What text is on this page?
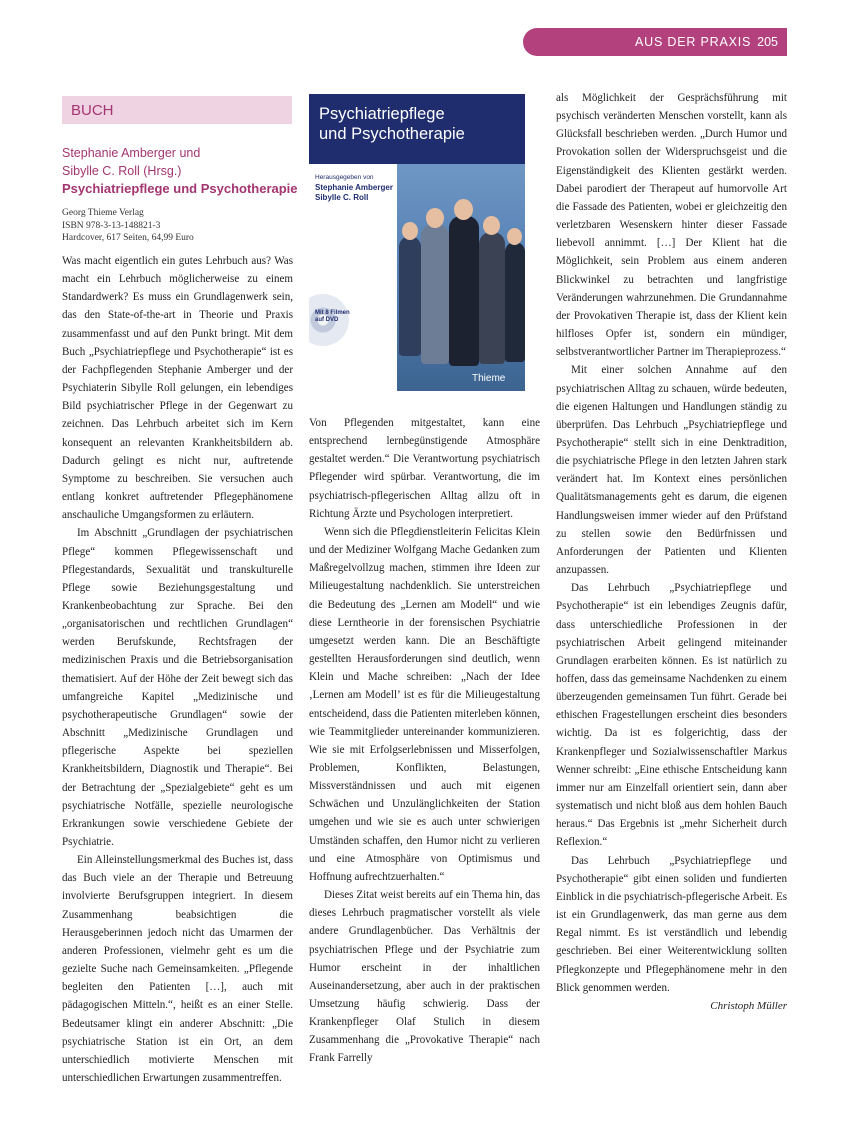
AUS DER PRAXIS 205
BUCH
Stephanie Amberger und
Sibylle C. Roll (Hrsg.)
Psychiatriepflege und Psychotherapie
Georg Thieme Verlag
ISBN 978-3-13-148821-3
Hardcover, 617 Seiten, 64,99 Euro
Psychiatriepflege
und Psychotherapie
Herausgegeben von
Stephanie Amberger
Sibylle C. Roll
Mit 8 Filmen
auf DVD
Thieme

Was macht eigentlich ein gutes Lehrbuch aus? Was macht ein Lehrbuch möglicherweise zu einem Standardwerk? Es muss ein Grundlagenwerk sein, das den State-of-the-art in Theorie und Praxis zusammenfasst und auf den Punkt bringt. Mit dem Buch „Psychiatriepflege und Psychotherapie“ ist es der Fachpflegenden Stephanie Amberger und der Psychiaterin Sibylle Roll gelungen, ein lebendiges Bild psychiatrischer Pflege in der Gegenwart zu zeichnen. Das Lehrbuch arbeitet sich im Kern konsequent an relevanten Krankheitsbildern ab. Dadurch gelingt es nicht nur, auftretende Symptome zu beschreiben. Sie versuchen auch entlang konkret auftretender Pflegephänomene anschauliche Umgangsformen zu erläutern.

Im Abschnitt „Grundlagen der psychiatrischen Pflege“ kommen Pflegewissenschaft und Pflegestandards, Sexualität und transkulturelle Pflege sowie Beziehungsgestaltung und Krankenbeobachtung zur Sprache. Bei den „organisatorischen und rechtlichen Grundlagen“ werden Berufskunde, Rechtsfragen der medizinischen Praxis und die Betriebsorganisation thematisiert. Auf der Höhe der Zeit bewegt sich das umfangreiche Kapitel „Medizinische und psychotherapeutische Grundlagen“ sowie der Abschnitt „Medizinische Grundlagen und pflegerische Aspekte bei speziellen Krankheitsbildern, Diagnostik und Therapie“. Bei der Betrachtung der „Spezialgebiete“ geht es um psychiatrische Notfälle, spezielle neurologische Erkrankungen sowie verschiedene Gebiete der Psychiatrie.

Ein Alleinstellungsmerkmal des Buches ist, dass das Buch viele an der Therapie und Betreuung involvierte Berufsgruppen integriert. In diesem Zusammenhang beabsichtigen die Herausgeberinnen jedoch nicht das Umarmen der anderen Professionen, vielmehr geht es um die gezielte Suche nach Gemeinsamkeiten. „Pflegende begleiten den Patienten […], auch mit pädagogischen Mitteln.“, heißt es an einer Stelle. Bedeutsamer klingt ein anderer Abschnitt: „Die psychiatrische Station ist ein Ort, an dem unterschiedlich motivierte Menschen mit unterschiedlichen Erwartungen zusammentreffen.

Von Pflegenden mitgestaltet, kann eine entsprechend lernbegünstigende Atmosphäre gestaltet werden.“ Die Verantwortung psychiatrisch Pflegender wird spürbar. Verantwortung, die im psychiatrisch-pflegerischen Alltag allzu oft in Richtung Ärzte und Psychologen interpretiert.

Wenn sich die Pflegdienstleiterin Felicitas Klein und der Mediziner Wolfgang Mache Gedanken zum Maßregelvollzug machen, stimmen ihre Ideen zur Milieugestaltung nachdenklich. Sie unterstreichen die Bedeutung des „Lernen am Modell“ und wie diese Lerntheorie in der forensischen Psychiatrie umgesetzt werden kann. Die an Beschäftigte gestellten Herausforderungen sind deutlich, wenn Klein und Mache schreiben: „Nach der Idee ‚Lernen am Modell’ ist es für die Milieugestaltung entscheidend, dass die Patienten miterleben können, wie Teammitglieder untereinander kommunizieren. Wie sie mit Erfolgserlebnissen und Misserfolgen, Problemen, Konflikten, Belastungen, Missverständnissen und auch mit eigenen Schwächen und Unzulänglichkeiten der Station umgehen und wie sie es auch unter schwierigen Umständen schaffen, den Humor nicht zu verlieren und eine Atmosphäre von Optimismus und Hoffnung aufrechtzuerhalten.“

Dieses Zitat weist bereits auf ein Thema hin, das dieses Lehrbuch pragmatischer vorstellt als viele andere Grundlagenbücher. Das Verhältnis der psychiatrischen Pflege und der Psychiatrie zum Humor erscheint in der inhaltlichen Auseinandersetzung, aber auch in der praktischen Umsetzung häufig schwierig. Dass der Krankenpfleger Olaf Stulich in diesem Zusammenhang die „Provokative Therapie“ nach Frank Farrelly

als Möglichkeit der Gesprächsführung mit psychisch veränderten Menschen vorstellt, kann als Glücksfall beschrieben werden. „Durch Humor und Provokation sollen der Widerspruchsgeist und die Eigenständigkeit des Klienten gestärkt werden. Dabei parodiert der Therapeut auf humorvolle Art die Fassade des Patienten, wobei er gleichzeitig den verletzbaren Wesenskern hinter dieser Fassade liebevoll annimmt. […] Der Klient hat die Möglichkeit, sein Problem aus einem anderen Blickwinkel zu betrachten und langfristige Veränderungen wahrzunehmen. Die Grundannahme der Provokativen Therapie ist, dass der Klient kein hilfloses Opfer ist, sondern ein mündiger, selbstverantwortlicher Partner im Therapieprozess.“

Mit einer solchen Annahme auf den psychiatrischen Alltag zu schauen, würde bedeuten, die eigenen Haltungen und Handlungen ständig zu überprüfen. Das Lehrbuch „Psychiatriepflege und Psychotherapie“ stellt sich in eine Denktradition, die psychiatrische Pflege in den letzten Jahren stark verändert hat. Im Kontext eines persönlichen Qualitätsmanagements geht es darum, die eigenen Handlungsweisen immer wieder auf den Prüfstand zu stellen sowie den Bedürfnissen und Anforderungen der Patienten und Klienten anzupassen.

Das Lehrbuch „Psychiatriepflege und Psychotherapie“ ist ein lebendiges Zeugnis dafür, dass unterschiedliche Professionen in der psychiatrischen Arbeit gelingend miteinander Grundlagen erarbeiten können. Es ist natürlich zu hoffen, dass das gemeinsame Nachdenken zu einem überzeugenden gemeinsamen Tun führt. Gerade bei ethischen Fragestellungen erscheint dies besonders wichtig. Da ist es folgerichtig, dass der Krankenpfleger und Sozialwissenschaftler Markus Wenner schreibt: „Eine ethische Entscheidung kann immer nur am Einzelfall orientiert sein, dann aber systematisch und nicht bloß aus dem hohlen Bauch heraus.“ Das Ergebnis ist „mehr Sicherheit durch Reflexion.“

Das Lehrbuch „Psychiatriepflege und Psychotherapie“ gibt einen soliden und fundierten Einblick in die psychiatrisch-pflegerische Arbeit. Es ist ein Grundlagenwerk, das man gerne aus dem Regal nimmt. Es ist verständlich und lebendig geschrieben. Bei einer Weiterentwicklung sollten Pflegkonzepte und Pflegephänomene mehr in den Blick genommen werden.

Christoph Müller
